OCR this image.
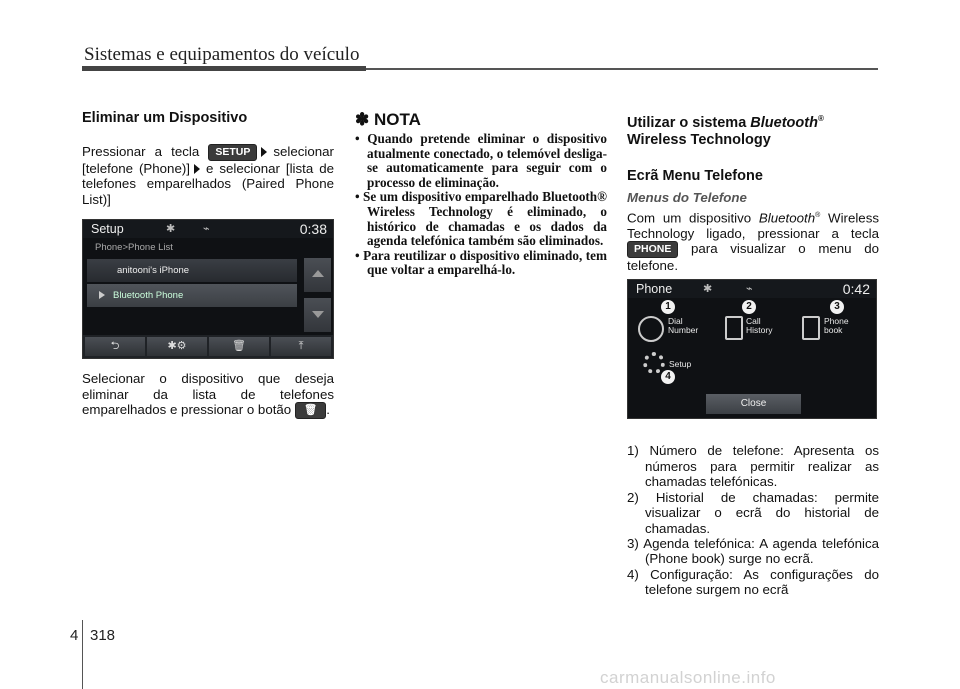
Sistemas e equipamentos do veículo
Eliminar um Dispositivo

Pressionar a tecla SETUP selecionar [telefone (Phone)] e selecionar [lista de telefones emparelhados (Paired Phone List)]

Setup	✱	⌁	0:38
Phone>Phone List
anitooni's iPhone
Bluetooth Phone
⮌	✱⚙	🗑	⤒

Selecionar o dispositivo que deseja eliminar da lista de telefones emparelhados e pressionar o botão 🗑 .

✽ NOTA
• Quando pretende eliminar o dispositivo atualmente conectado, o telemóvel desliga-se automaticamente para seguir com o processo de eliminação.
• Se um dispositivo emparelhado Bluetooth® Wireless Technology é eliminado, o histórico de chamadas e os dados da agenda telefónica também são eliminados.
• Para reutilizar o dispositivo eliminado, tem que voltar a emparelhá-lo.
Utilizar o sistema Bluetooth®
Wireless Technology
Ecrã Menu Telefone
Menus do Telefone

Com um dispositivo Bluetooth® Wireless Technology ligado, pressionar a tecla PHONE para visualizar o menu do telefone.

Phone	✱	⌁	0:42
1	2	3
4
Dial
Number
Call
History
Phone
book
Setup
Close
1) Número de telefone: Apresenta os números para permitir realizar as chamadas telefónicas.
2) Historial de chamadas: permite visualizar o ecrã do historial de chamadas.
3) Agenda telefónica: A agenda telefónica (Phone book) surge no ecrã.
4) Configuração: As configurações do telefone surgem no ecrã
4 318
carmanualsonline.info
